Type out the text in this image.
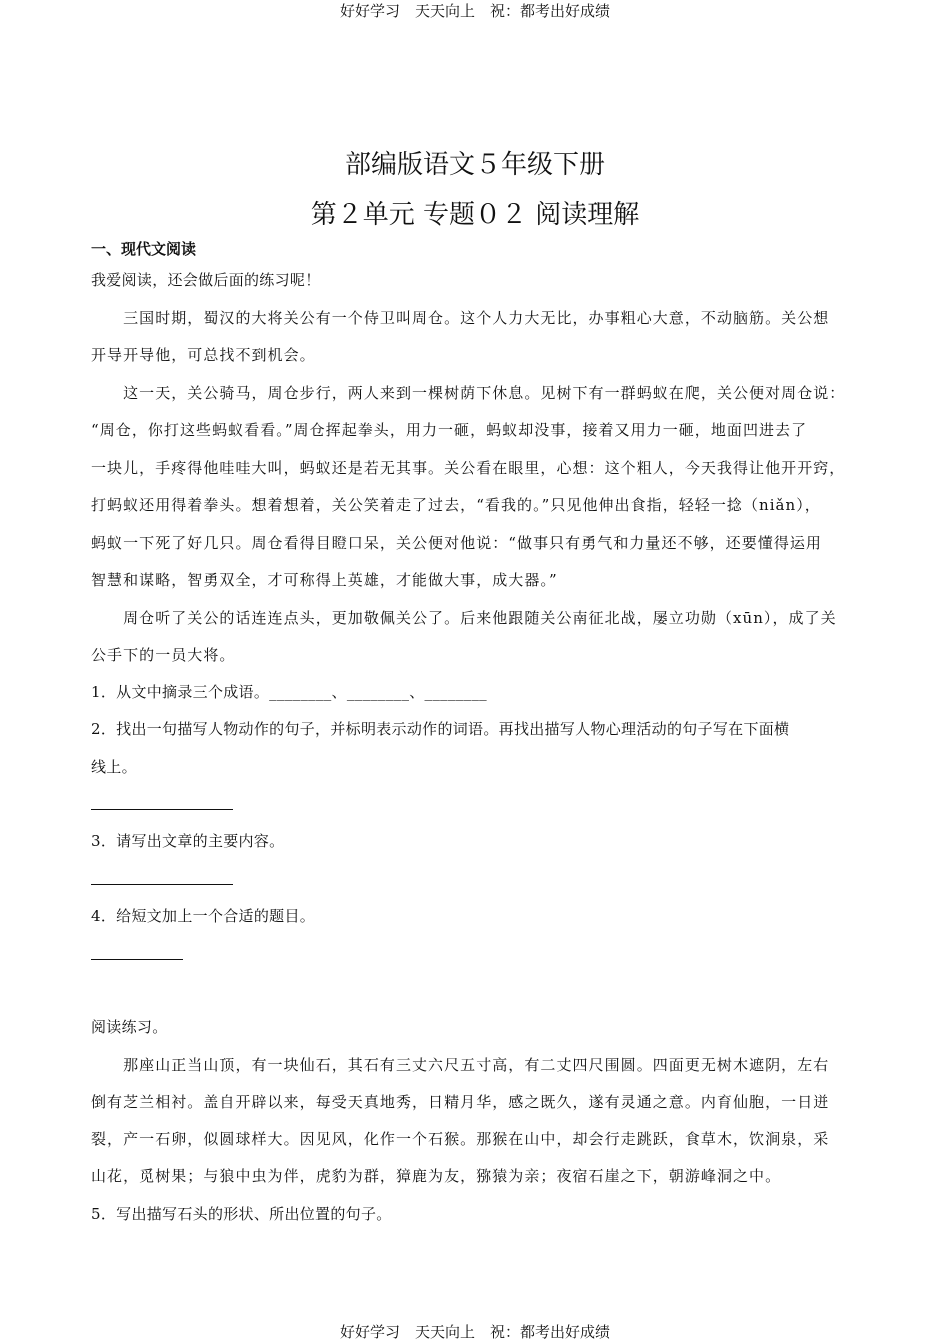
好好学习　天天向上　祝：都考出好成绩
部编版语文５年级下册
第２单元 专题０２ 阅读理解
一、现代文阅读
我爱阅读，还会做后面的练习呢！
　　三国时期，蜀汉的大将关公有一个侍卫叫周仓。这个人力大无比，办事粗心大意，不动脑筋。关公想
开导开导他，可总找不到机会。
　　这一天，关公骑马，周仓步行，两人来到一棵树荫下休息。见树下有一群蚂蚁在爬，关公便对周仓说：
“周仓，你打这些蚂蚁看看。”周仓挥起拳头，用力一砸，蚂蚁却没事，接着又用力一砸，地面凹进去了
一块儿，手疼得他哇哇大叫，蚂蚁还是若无其事。关公看在眼里，心想：这个粗人，今天我得让他开开窍，
打蚂蚁还用得着拳头。想着想着，关公笑着走了过去，“看我的。”只见他伸出食指，轻轻一捻（niǎn），
蚂蚁一下死了好几只。周仓看得目瞪口呆，关公便对他说：“做事只有勇气和力量还不够，还要懂得运用
智慧和谋略，智勇双全，才可称得上英雄，才能做大事，成大器。”
　　周仓听了关公的话连连点头，更加敬佩关公了。后来他跟随关公南征北战，屡立功勋（xūn），成了关
公手下的一员大将。
1．从文中摘录三个成语。________、________、________
2．找出一句描写人物动作的句子，并标明表示动作的词语。再找出描写人物心理活动的句子写在下面横
线上。
3．请写出文章的主要内容。
4．给短文加上一个合适的题目。
阅读练习。
　　那座山正当山顶，有一块仙石，其石有三丈六尺五寸高，有二丈四尺围圆。四面更无树木遮阴，左右
倒有芝兰相衬。盖自开辟以来，每受天真地秀，日精月华，感之既久，遂有灵通之意。内育仙胞，一日迸
裂，产一石卵，似圆球样大。因见风，化作一个石猴。那猴在山中，却会行走跳跃，食草木，饮涧泉，采
山花，觅树果；与狼中虫为伴，虎豹为群，獐鹿为友，猕猿为亲；夜宿石崖之下，朝游峰洞之中。
5．写出描写石头的形状、所出位置的句子。
好好学习　天天向上　祝：都考出好成绩
